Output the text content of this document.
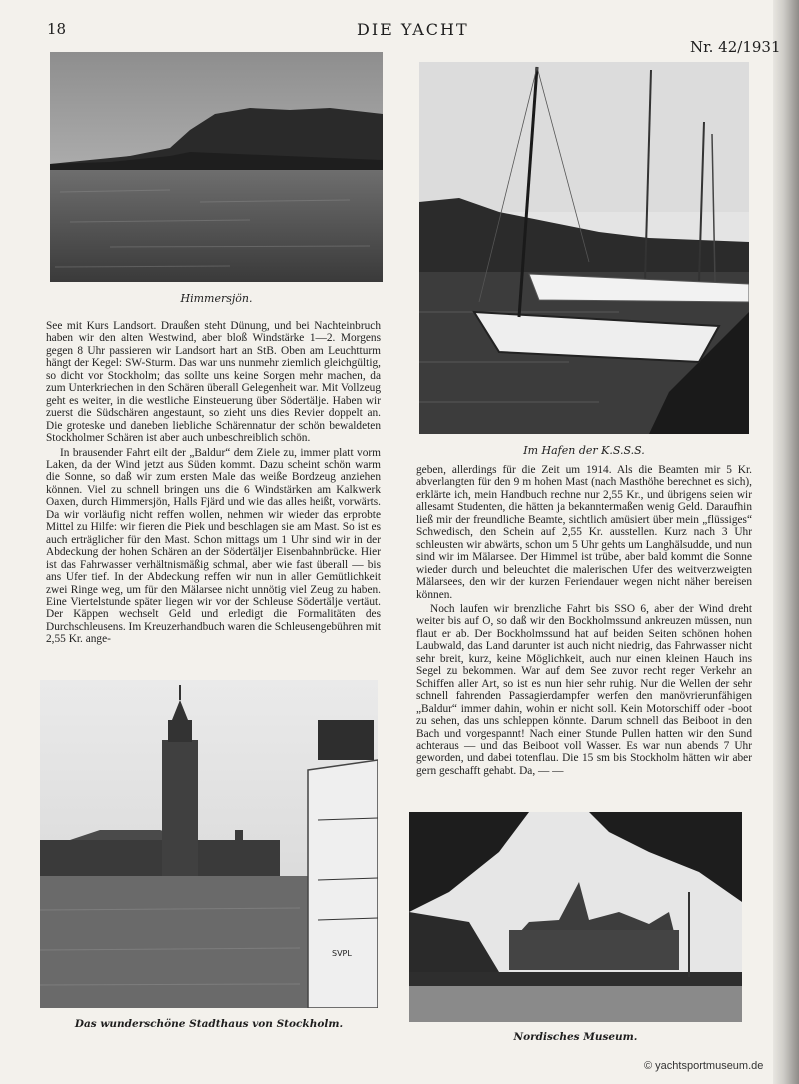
18	DIE YACHT
Nr. 42/1931
Himmersjön.
Im Hafen der K.S.S.S.

See mit Kurs Landsort. Draußen steht Dünung, und bei Nachteinbruch haben wir den alten Westwind, aber bloß Windstärke 1—2. Morgens gegen 8 Uhr passieren wir Landsort hart an StB. Oben am Leuchtturm hängt der Kegel: SW-Sturm. Das war uns nunmehr ziemlich gleichgültig, so dicht vor Stockholm; das sollte uns keine Sorgen mehr machen, da zum Unterkriechen in den Schären überall Gelegenheit war. Mit Vollzeug geht es weiter, in die westliche Einsteuerung über Södertälje. Haben wir zuerst die Südschären angestaunt, so zieht uns dies Revier doppelt an. Die groteske und daneben liebliche Schärennatur der schön bewaldeten Stockholmer Schären ist aber auch unbeschreiblich schön.

In brausender Fahrt eilt der „Baldur“ dem Ziele zu, immer platt vorm Laken, da der Wind jetzt aus Süden kommt. Dazu scheint schön warm die Sonne, so daß wir zum ersten Male das weiße Bordzeug anziehen können. Viel zu schnell bringen uns die 6 Windstärken am Kalkwerk Oaxen, durch Himmersjön, Halls Fjärd und wie das alles heißt, vorwärts. Da wir vorläufig nicht reffen wollen, nehmen wir wieder das erprobte Mittel zu Hilfe: wir fieren die Piek und beschlagen sie am Mast. So ist es auch erträglicher für den Mast. Schon mittags um 1 Uhr sind wir in der Abdeckung der hohen Schären an der Södertäljer Eisenbahnbrücke. Hier ist das Fahrwasser verhältnismäßig schmal, aber wie fast überall — bis ans Ufer tief. In der Abdeckung reffen wir nun in aller Gemütlichkeit zwei Ringe weg, um für den Mälarsee nicht unnötig viel Zeug zu haben. Eine Viertelstunde später liegen wir vor der Schleuse Södertälje vertäut. Der Käppen wechselt Geld und erledigt die Formalitäten des Durchschleusens. Im Kreuzerhandbuch waren die Schleusengebühren mit 2,55 Kr. ange-

geben, allerdings für die Zeit um 1914. Als die Beamten mir 5 Kr. abverlangten für den 9 m hohen Mast (nach Masthöhe berechnet es sich), erklärte ich, mein Handbuch rechne nur 2,55 Kr., und übrigens seien wir allesamt Studenten, die hätten ja bekanntermaßen wenig Geld. Daraufhin ließ mir der freundliche Beamte, sichtlich amüsiert über mein „flüssiges“ Schwedisch, den Schein auf 2,55 Kr. ausstellen. Kurz nach 3 Uhr schleusten wir abwärts, schon um 5 Uhr gehts um Langhälsudde, und nun sind wir im Mälarsee. Der Himmel ist trübe, aber bald kommt die Sonne wieder durch und beleuchtet die malerischen Ufer des weitverzweigten Mälarsees, den wir der kurzen Feriendauer wegen nicht näher bereisen können.

Noch laufen wir brenzliche Fahrt bis SSO 6, aber der Wind dreht weiter bis auf O, so daß wir den Bockholmssund ankreuzen müssen, nun flaut er ab. Der Bockholmssund hat auf beiden Seiten schönen hohen Laubwald, das Land darunter ist auch nicht niedrig, das Fahrwasser nicht sehr breit, kurz, keine Möglichkeit, auch nur einen kleinen Hauch ins Segel zu bekommen. War auf dem See zuvor recht reger Verkehr an Schiffen aller Art, so ist es nun hier sehr ruhig. Nur die Wellen der sehr schnell fahrenden Passagierdampfer werfen den manövrierunfähigen „Baldur“ immer dahin, wohin er nicht soll. Kein Motorschiff oder -boot zu sehen, das uns schleppen könnte. Darum schnell das Beiboot in den Bach und vorgespannt! Nach einer Stunde Pullen hatten wir den Sund achteraus — und das Beiboot voll Wasser. Es war nun abends 7 Uhr geworden, und dabei totenflau. Die 15 sm bis Stockholm hätten wir aber gern geschafft gehabt. Da, — —

SVPL
Das wunderschöne Stadthaus von Stockholm.
Nordisches Museum.
© yachtsportmuseum.de
